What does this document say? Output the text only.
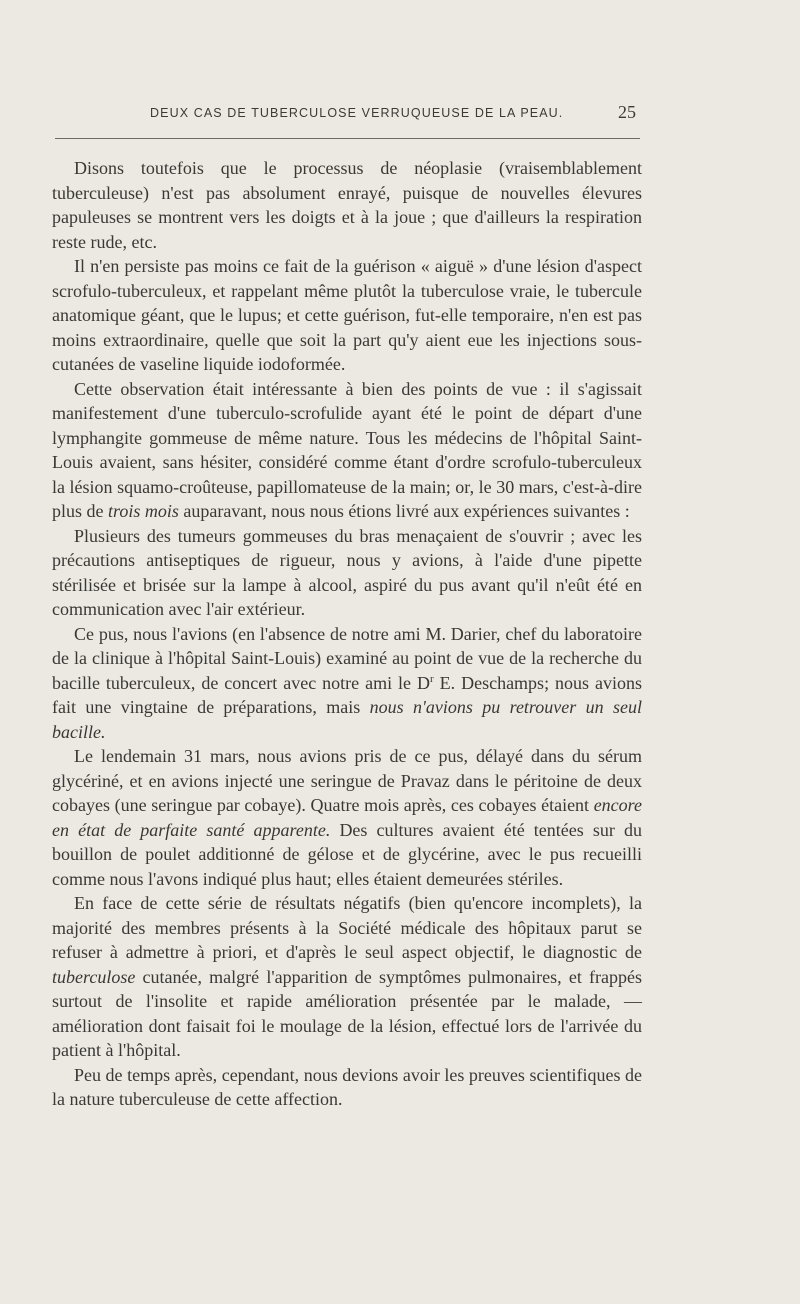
DEUX CAS DE TUBERCULOSE VERRUQUEUSE DE LA PEAU.	25

Disons toutefois que le processus de néoplasie (vraisemblablement tuberculeuse) n'est pas absolument enrayé, puisque de nouvelles élevures papuleuses se montrent vers les doigts et à la joue ; que d'ailleurs la respiration reste rude, etc.

Il n'en persiste pas moins ce fait de la guérison « aiguë » d'une lésion d'aspect scrofulo-tuberculeux, et rappelant même plutôt la tuberculose vraie, le tubercule anatomique géant, que le lupus; et cette guérison, fut-elle temporaire, n'en est pas moins extraordinaire, quelle que soit la part qu'y aient eue les injections sous-cutanées de vaseline liquide iodoformée.

Cette observation était intéressante à bien des points de vue : il s'agissait manifestement d'une tuberculo-scrofulide ayant été le point de départ d'une lymphangite gommeuse de même nature. Tous les médecins de l'hôpital Saint-Louis avaient, sans hésiter, considéré comme étant d'ordre scrofulo-tuberculeux la lésion squamo-croûteuse, papillomateuse de la main; or, le 30 mars, c'est-à-dire plus de trois mois auparavant, nous nous étions livré aux expériences suivantes :

Plusieurs des tumeurs gommeuses du bras menaçaient de s'ouvrir ; avec les précautions antiseptiques de rigueur, nous y avions, à l'aide d'une pipette stérilisée et brisée sur la lampe à alcool, aspiré du pus avant qu'il n'eût été en communication avec l'air extérieur.

Ce pus, nous l'avions (en l'absence de notre ami M. Darier, chef du laboratoire de la clinique à l'hôpital Saint-Louis) examiné au point de vue de la recherche du bacille tuberculeux, de concert avec notre ami le $D^r$ E. Deschamps; nous avions fait une vingtaine de préparations, mais nous n'avions pu retrouver un seul bacille.

Le lendemain 31 mars, nous avions pris de ce pus, délayé dans du sérum glycériné, et en avions injecté une seringue de Pravaz dans le péritoine de deux cobayes (une seringue par cobaye). Quatre mois après, ces cobayes étaient encore en état de parfaite santé apparente. Des cultures avaient été tentées sur du bouillon de poulet additionné de gélose et de glycérine, avec le pus recueilli comme nous l'avons indiqué plus haut; elles étaient demeurées stériles.

En face de cette série de résultats négatifs (bien qu'encore incomplets), la majorité des membres présents à la Société médicale des hôpitaux parut se refuser à admettre à priori, et d'après le seul aspect objectif, le diagnostic de tuberculose cutanée, malgré l'apparition de symptômes pulmonaires, et frappés surtout de l'insolite et rapide amélioration présentée par le malade, —amélioration dont faisait foi le moulage de la lésion, effectué lors de l'arrivée du patient à l'hôpital.

Peu de temps après, cependant, nous devions avoir les preuves scientifiques de la nature tuberculeuse de cette affection.
